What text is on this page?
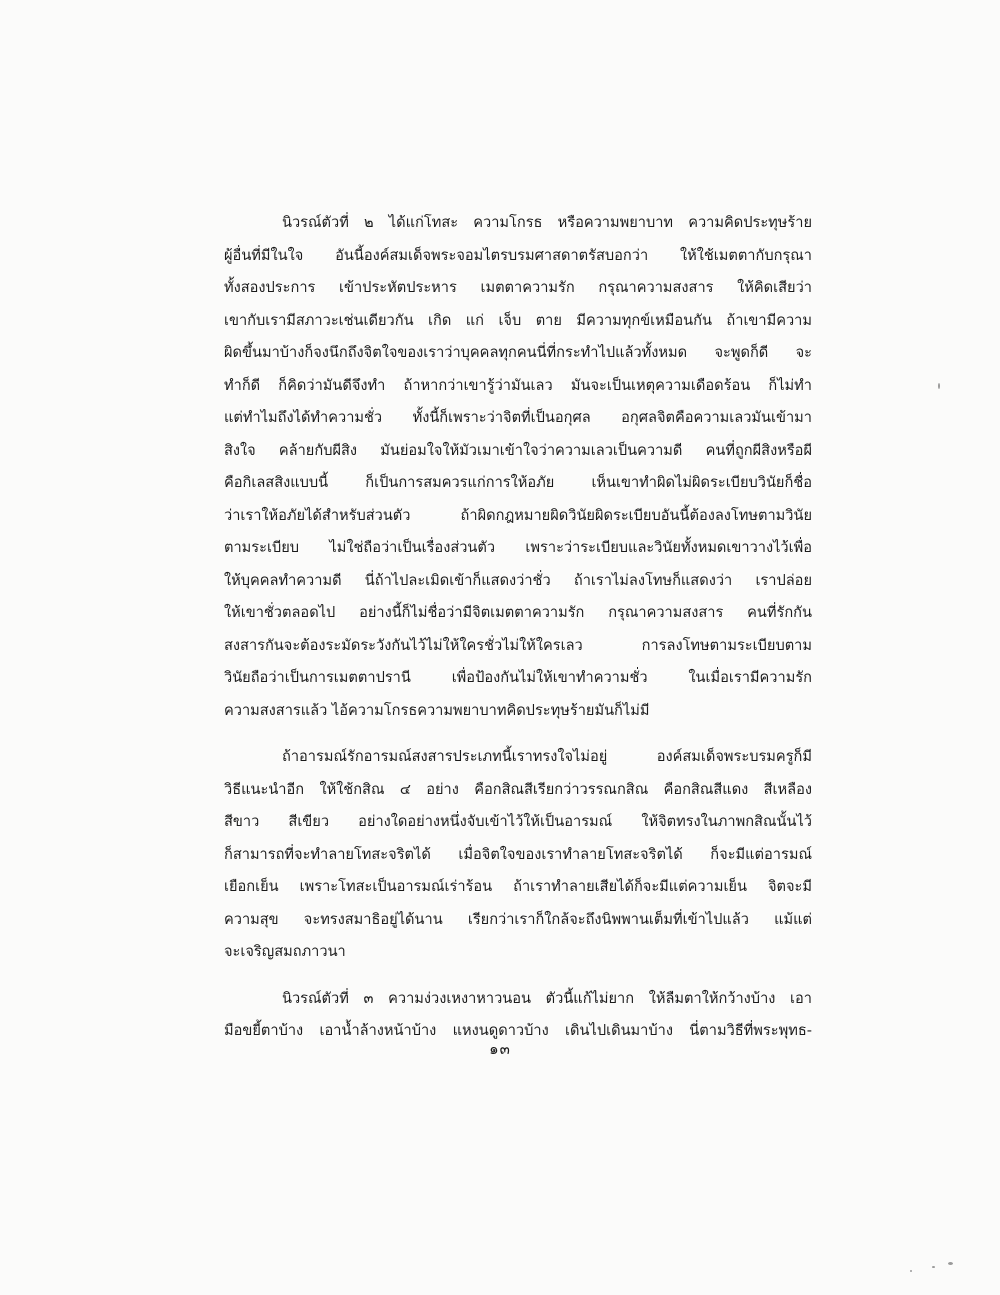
นิวรณ์ตัวที่ ๒ ได้แก่โทสะ ความโกรธ หรือความพยาบาท ความคิดประทุษร้าย
ผู้อื่นที่มีในใจ อันนี้องค์สมเด็จพระจอมไตรบรมศาสดาตรัสบอกว่า ให้ใช้เมตตากับกรุณา
ทั้งสองประการ เข้าประหัตประหาร เมตตาความรัก กรุณาความสงสาร ให้คิดเสียว่า
เขากับเรามีสภาวะเช่นเดียวกัน เกิด แก่ เจ็บ ตาย มีความทุกข์เหมือนกัน ถ้าเขามีความ
ผิดขึ้นมาบ้างก็จงนึกถึงจิตใจของเราว่าบุคคลทุกคนนี่ที่กระทำไปแล้วทั้งหมด จะพูดก็ดี จะ
ทำก็ดี ก็คิดว่ามันดีจึงทำ ถ้าหากว่าเขารู้ว่ามันเลว มันจะเป็นเหตุความเดือดร้อน ก็ไม่ทำ
แต่ทำไมถึงได้ทำความชั่ว ทั้งนี้ก็เพราะว่าจิตที่เป็นอกุศล อกุศลจิตคือความเลวมันเข้ามา
สิงใจ คล้ายกับผีสิง มันย่อมใจให้มัวเมาเข้าใจว่าความเลวเป็นความดี คนที่ถูกผีสิงหรือผี
คือกิเลสสิงแบบนี้ ก็เป็นการสมควรแก่การให้อภัย เห็นเขาทำผิดไม่ผิดระเบียบวินัยก็ชื่อ
ว่าเราให้อภัยได้สำหรับส่วนตัว ถ้าผิดกฎหมายผิดวินัยผิดระเบียบอันนี้ต้องลงโทษตามวินัย
ตามระเบียบ ไม่ใช่ถือว่าเป็นเรื่องส่วนตัว เพราะว่าระเบียบและวินัยทั้งหมดเขาวางไว้เพื่อ
ให้บุคคลทำความดี นี่ถ้าไปละเมิดเข้าก็แสดงว่าชั่ว ถ้าเราไม่ลงโทษก็แสดงว่า เราปล่อย
ให้เขาชั่วตลอดไป อย่างนี้ก็ไม่ชื่อว่ามีจิตเมตตาความรัก กรุณาความสงสาร คนที่รักกัน
สงสารกันจะต้องระมัดระวังกันไว้ไม่ให้ใครชั่วไม่ให้ใครเลว การลงโทษตามระเบียบตาม
วินัยถือว่าเป็นการเมตตาปรานี เพื่อป้องกันไม่ให้เขาทำความชั่ว ในเมื่อเรามีความรัก
ความสงสารแล้ว ไอ้ความโกรธความพยาบาทคิดประทุษร้ายมันก็ไม่มี
ถ้าอารมณ์รักอารมณ์สงสารประเภทนี้เราทรงใจไม่อยู่ องค์สมเด็จพระบรมครูก็มี
วิธีแนะนำอีก ให้ใช้กสิณ ๔ อย่าง คือกสิณสีเรียกว่าวรรณกสิณ คือกสิณสีแดง สีเหลือง
สีขาว สีเขียว อย่างใดอย่างหนึ่งจับเข้าไว้ให้เป็นอารมณ์ ให้จิตทรงในภาพกสิณนั้นไว้
ก็สามารถที่จะทำลายโทสะจริตได้ เมื่อจิตใจของเราทำลายโทสะจริตได้ ก็จะมีแต่อารมณ์
เยือกเย็น เพราะโทสะเป็นอารมณ์เร่าร้อน ถ้าเราทำลายเสียได้ก็จะมีแต่ความเย็น จิตจะมี
ความสุข จะทรงสมาธิอยู่ได้นาน เรียกว่าเราก็ใกล้จะถึงนิพพานเต็มที่เข้าไปแล้ว แม้แต่
จะเจริญสมถภาวนา
นิวรณ์ตัวที่ ๓ ความง่วงเหงาหาวนอน ตัวนี้แก้ไม่ยาก ให้ลืมตาให้กว้างบ้าง เอา
มือขยี้ตาบ้าง เอาน้ำล้างหน้าบ้าง แหงนดูดาวบ้าง เดินไปเดินมาบ้าง นี่ตามวิธีที่พระพุทธ-
๑๓
